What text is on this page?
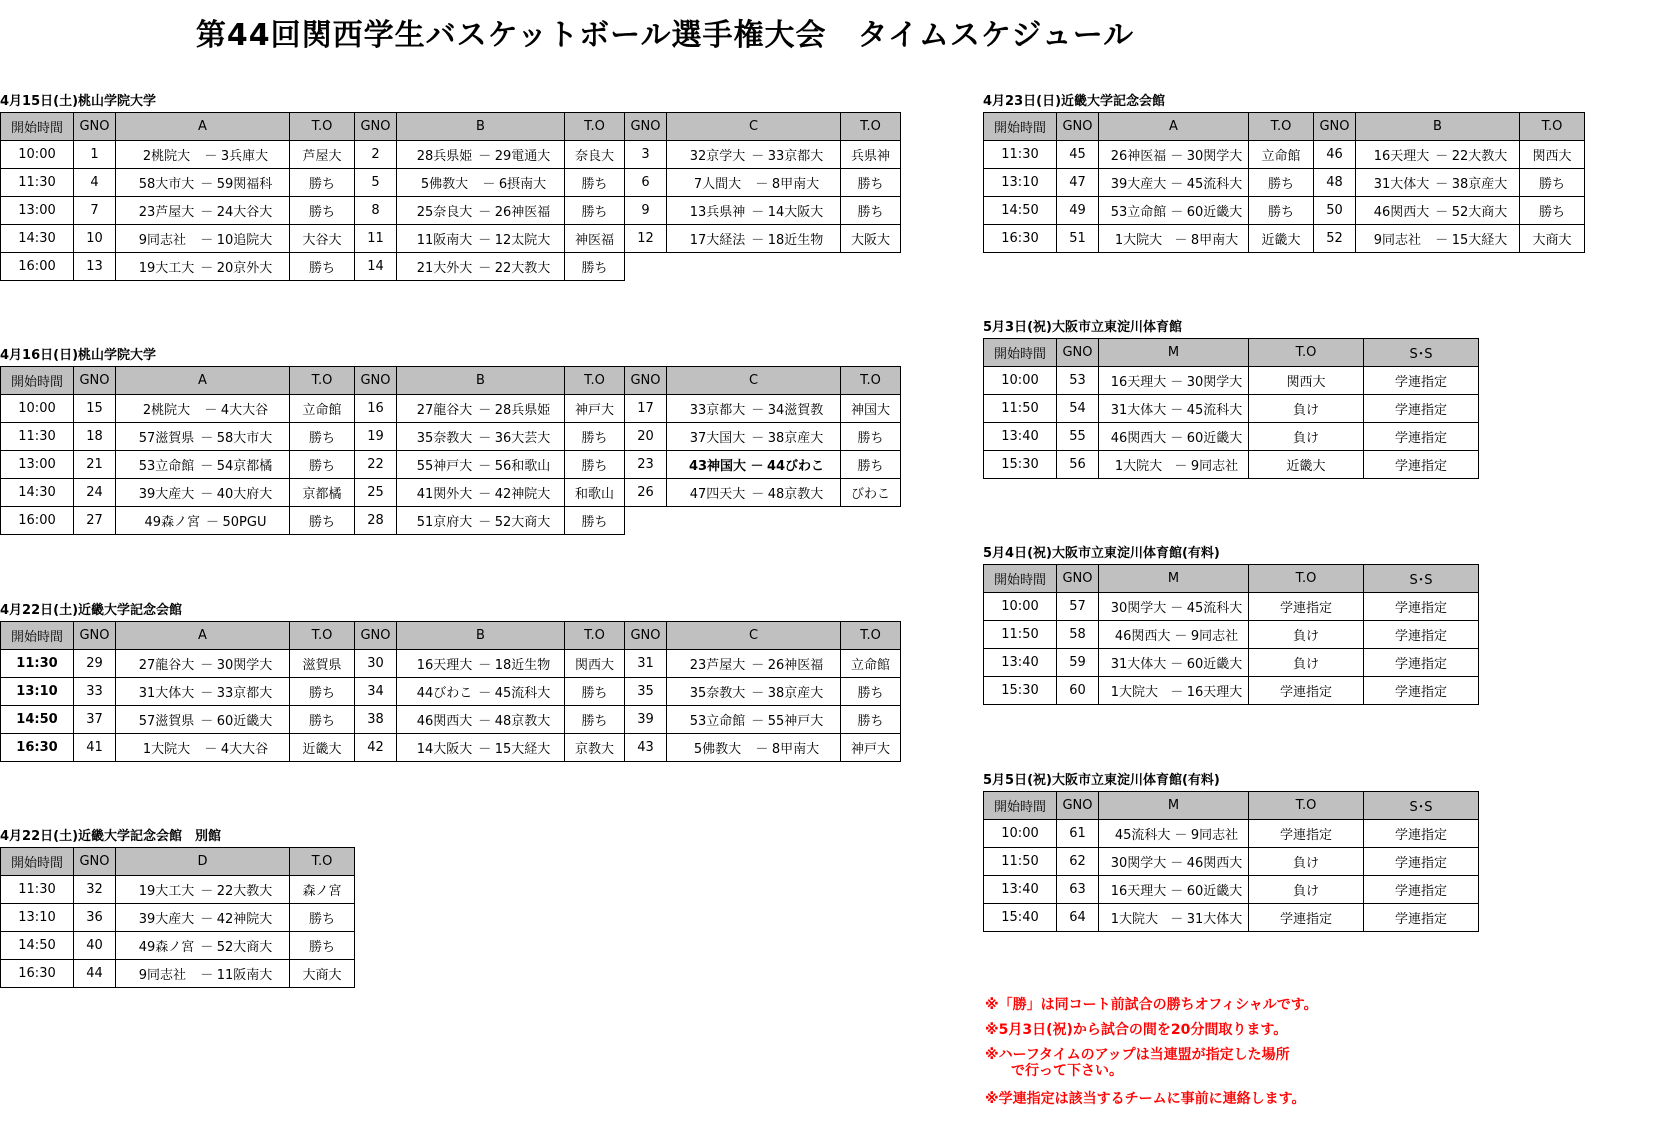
第44回関西学生バスケットボール選手権大会　タイムスケジュール
4月15日(土)桃山学院大学
開始時間	GNO	A	T.O	GNO	B	T.O	GNO	C	T.O
10:00	1	2桃院大 － 3兵庫大	芦屋大	2	28兵県姫 － 29電通大	奈良大	3	32京学大 － 33京都大	兵県神
11:30	4	58大市大 － 59関福科	勝ち	5	5佛教大 － 6摂南大	勝ち	6	7人間大 － 8甲南大	勝ち
13:00	7	23芦屋大 － 24大谷大	勝ち	8	25奈良大 － 26神医福	勝ち	9	13兵県神 － 14大阪大	勝ち
14:30	10	9同志社 － 10追院大	大谷大	11	11阪南大 － 12太院大	神医福	12	17大経法 － 18近生物	大阪大
16:00	13	19大工大 － 20京外大	勝ち	14	21大外大 － 22大教大	勝ち			
4月16日(日)桃山学院大学
開始時間	GNO	A	T.O	GNO	B	T.O	GNO	C	T.O
10:00	15	2桃院大 － 4大大谷	立命館	16	27龍谷大 － 28兵県姫	神戸大	17	33京都大 － 34滋賀教	神国大
11:30	18	57滋賀県 － 58大市大	勝ち	19	35奈教大 － 36大芸大	勝ち	20	37大国大 － 38京産大	勝ち
13:00	21	53立命館 － 54京都橘	勝ち	22	55神戸大 － 56和歌山	勝ち	23	43神国大 － 44びわこ	勝ち
14:30	24	39大産大 － 40大府大	京都橘	25	41関外大 － 42神院大	和歌山	26	47四天大 － 48京教大	びわこ
16:00	27	49森ノ宮 － 50PGU	勝ち	28	51京府大 － 52大商大	勝ち			
4月22日(土)近畿大学記念会館
開始時間	GNO	A	T.O	GNO	B	T.O	GNO	C	T.O
11:30	29	27龍谷大 － 30関学大	滋賀県	30	16天理大 － 18近生物	関西大	31	23芦屋大 － 26神医福	立命館
13:10	33	31大体大 － 33京都大	勝ち	34	44びわこ － 45流科大	勝ち	35	35奈教大 － 38京産大	勝ち
14:50	37	57滋賀県 － 60近畿大	勝ち	38	46関西大 － 48京教大	勝ち	39	53立命館 － 55神戸大	勝ち
16:30	41	1大院大 － 4大大谷	近畿大	42	14大阪大 － 15大経大	京教大	43	5佛教大 － 8甲南大	神戸大
4月22日(土)近畿大学記念会館　別館
開始時間	GNO	D	T.O
11:30	32	19大工大 － 22大教大	森ノ宮
13:10	36	39大産大 － 42神院大	勝ち
14:50	40	49森ノ宮 － 52大商大	勝ち
16:30	44	9同志社 － 11阪南大	大商大
4月23日(日)近畿大学記念会館
開始時間	GNO	A	T.O	GNO	B	T.O
11:30	45	26神医福 － 30関学大	立命館	46	16天理大 － 22大教大	関西大
13:10	47	39大産大 － 45流科大	勝ち	48	31大体大 － 38京産大	勝ち
14:50	49	53立命館 － 60近畿大	勝ち	50	46関西大 － 52大商大	勝ち
16:30	51	1大院大 － 8甲南大	近畿大	52	9同志社 － 15大経大	大商大
5月3日(祝)大阪市立東淀川体育館
開始時間	GNO	M	T.O	S･S
10:00	53	16天理大 － 30関学大	関西大	学連指定
11:50	54	31大体大 － 45流科大	負け	学連指定
13:40	55	46関西大 － 60近畿大	負け	学連指定
15:30	56	1大院大 － 9同志社	近畿大	学連指定
5月4日(祝)大阪市立東淀川体育館(有料)
開始時間	GNO	M	T.O	S･S
10:00	57	30関学大 － 45流科大	学連指定	学連指定
11:50	58	46関西大 － 9同志社	負け	学連指定
13:40	59	31大体大 － 60近畿大	負け	学連指定
15:30	60	1大院大 － 16天理大	学連指定	学連指定
5月5日(祝)大阪市立東淀川体育館(有料)
開始時間	GNO	M	T.O	S･S
10:00	61	45流科大 － 9同志社	学連指定	学連指定
11:50	62	30関学大 － 46関西大	負け	学連指定
13:40	63	16天理大 － 60近畿大	負け	学連指定
15:40	64	1大院大 － 31大体大	学連指定	学連指定
※「勝」は同コート前試合の勝ちオフィシャルです。
※5月3日(祝)から試合の間を20分間取ります。
※ハーフタイムのアップは当連盟が指定した場所
で行って下さい。
※学連指定は該当するチームに事前に連絡します。
